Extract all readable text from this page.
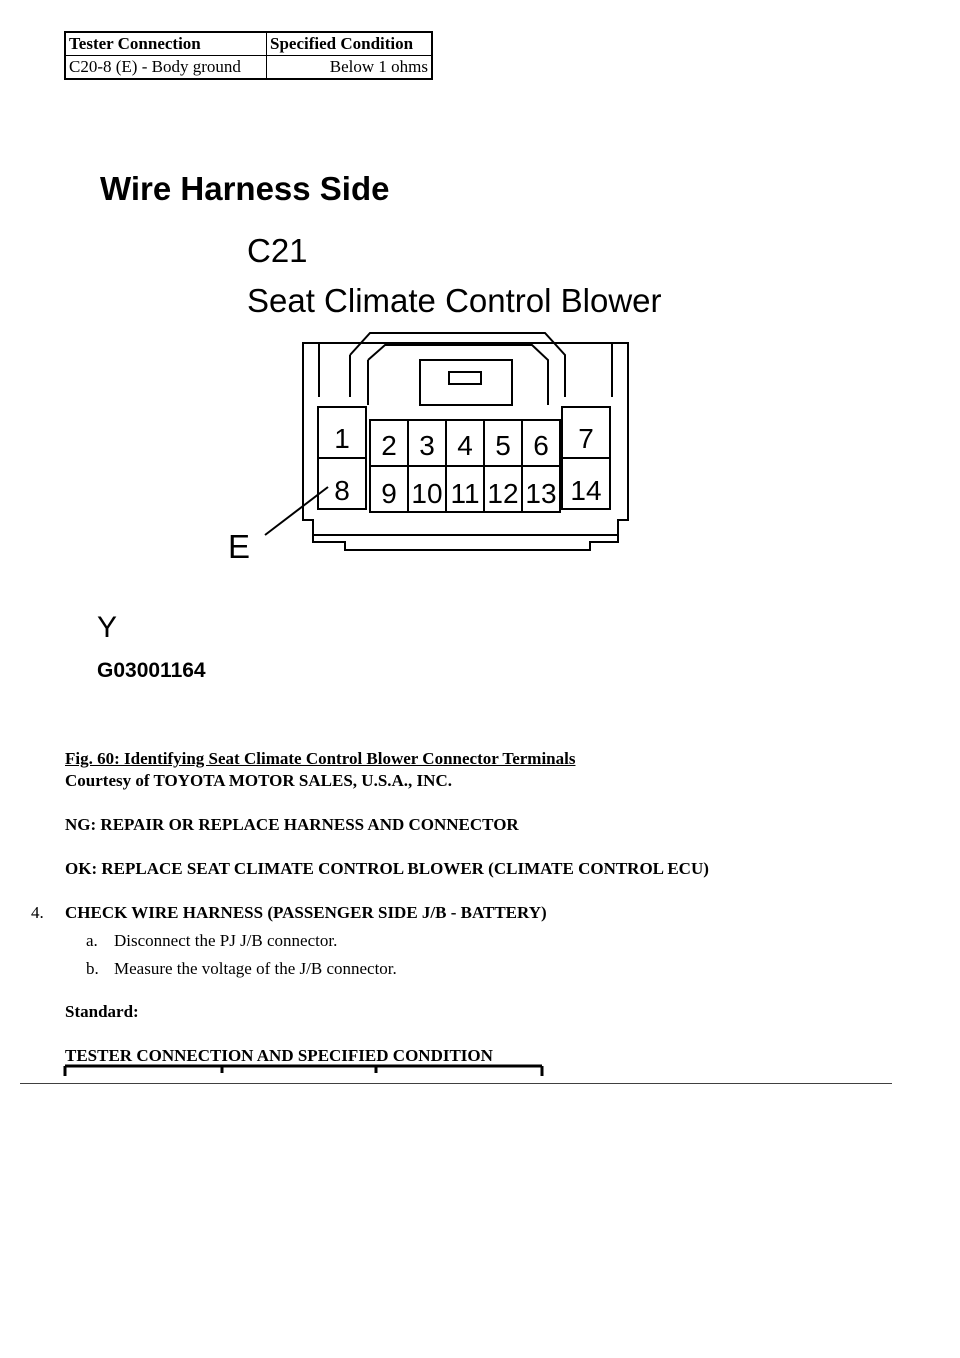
Tester Connection	Specified Condition
C20-8 (E) - Body ground	Below 1 ohms
Wire Harness Side
C21
Seat Climate Control Blower
1 2 3 4 5 6 7
8 9 10 11 12 13 14
E
Y
G03001164
Fig. 60: Identifying Seat Climate Control Blower Connector Terminals
Courtesy of TOYOTA MOTOR SALES, U.S.A., INC.
NG: REPAIR OR REPLACE HARNESS AND CONNECTOR
OK: REPLACE SEAT CLIMATE CONTROL BLOWER (CLIMATE CONTROL ECU)
4. CHECK WIRE HARNESS (PASSENGER SIDE J/B - BATTERY)
a. Disconnect the PJ J/B connector.
b. Measure the voltage of the J/B connector.
Standard:
TESTER CONNECTION AND SPECIFIED CONDITION
